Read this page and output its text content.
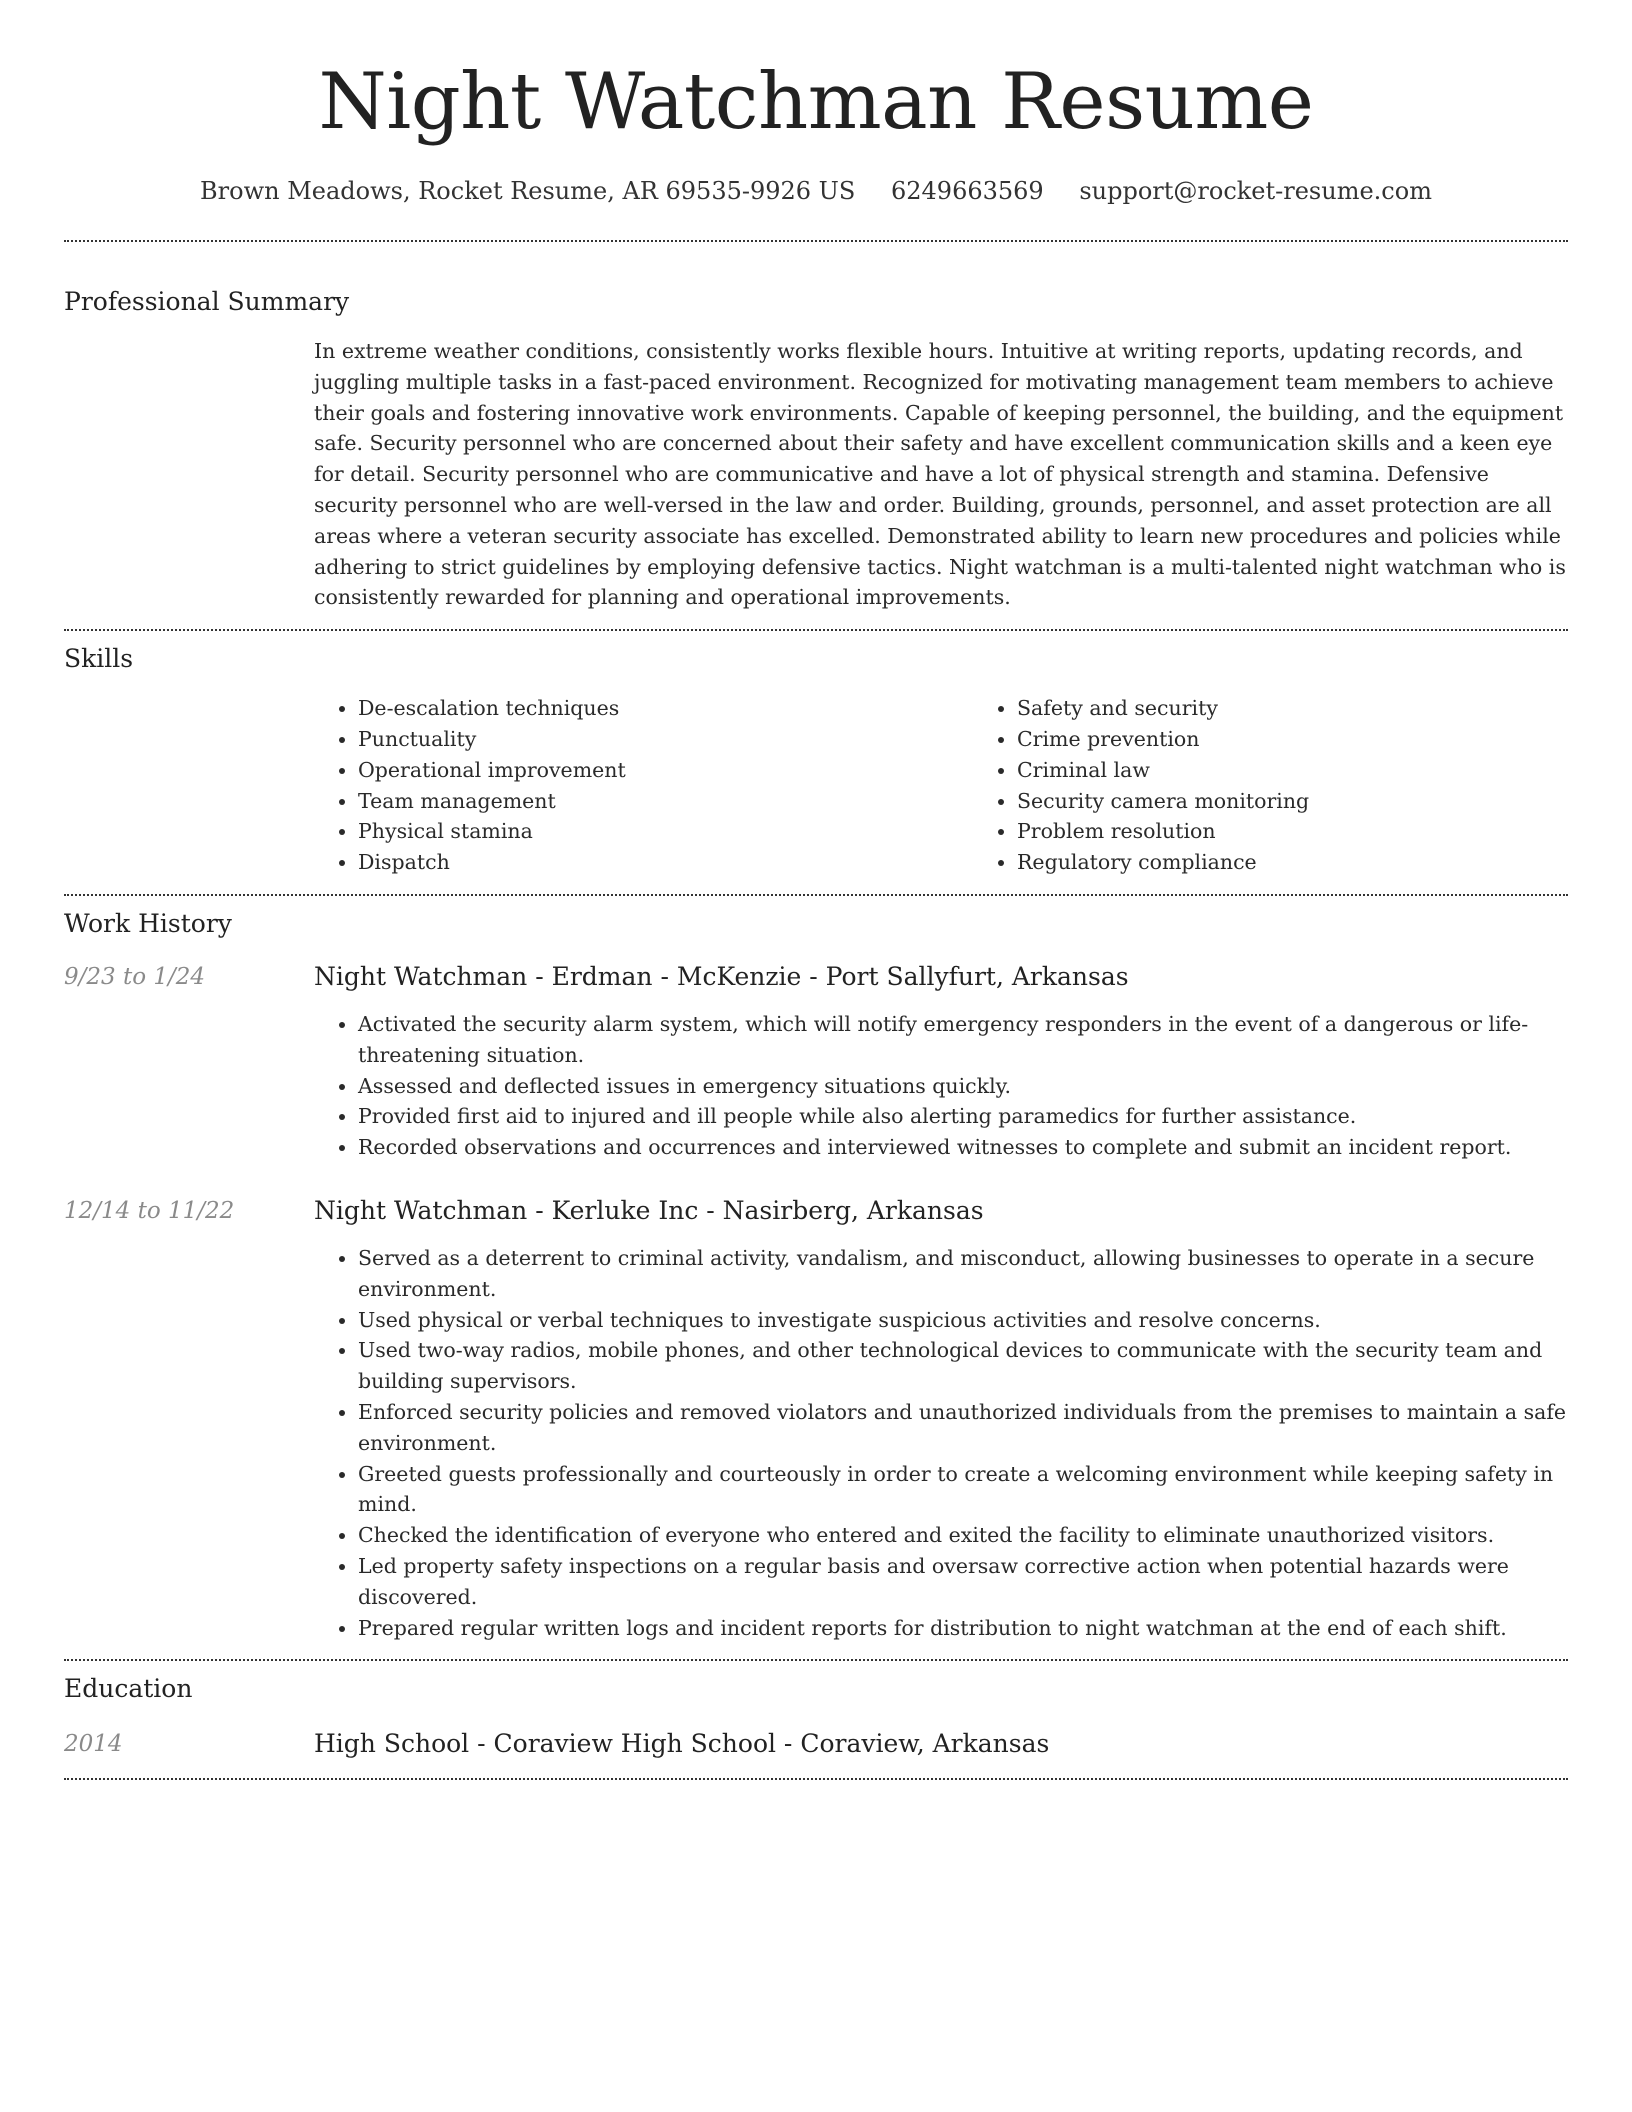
Night Watchman Resume
Brown Meadows, Rocket Resume, AR 69535-9926 US 6249663569 support@rocket-resume.com
Professional Summary
In extreme weather conditions, consistently works flexible hours. Intuitive at writing reports, updating records, and juggling multiple tasks in a fast-paced environment. Recognized for motivating management team members to achieve their goals and fostering innovative work environments. Capable of keeping personnel, the building, and the equipment safe. Security personnel who are concerned about their safety and have excellent communication skills and a keen eye for detail. Security personnel who are communicative and have a lot of physical strength and stamina. Defensive security personnel who are well-versed in the law and order. Building, grounds, personnel, and asset protection are all areas where a veteran security associate has excelled. Demonstrated ability to learn new procedures and policies while adhering to strict guidelines by employing defensive tactics. Night watchman is a multi-talented night watchman who is consistently rewarded for planning and operational improvements.
Skills
• De-escalation techniques
• Punctuality
• Operational improvement
• Team management
• Physical stamina
• Dispatch
• Safety and security
• Crime prevention
• Criminal law
• Security camera monitoring
• Problem resolution
• Regulatory compliance
Work History
9/23 to 1/24	Night Watchman - Erdman - McKenzie - Port Sallyfurt, Arkansas
• Activated the security alarm system, which will notify emergency responders in the event of a dangerous or life-threatening situation.
• Assessed and deflected issues in emergency situations quickly.
• Provided first aid to injured and ill people while also alerting paramedics for further assistance.
• Recorded observations and occurrences and interviewed witnesses to complete and submit an incident report.
12/14 to 11/22	Night Watchman - Kerluke Inc - Nasirberg, Arkansas
• Served as a deterrent to criminal activity, vandalism, and misconduct, allowing businesses to operate in a secure environment.
• Used physical or verbal techniques to investigate suspicious activities and resolve concerns.
• Used two-way radios, mobile phones, and other technological devices to communicate with the security team and building supervisors.
• Enforced security policies and removed violators and unauthorized individuals from the premises to maintain a safe environment.
• Greeted guests professionally and courteously in order to create a welcoming environment while keeping safety in mind.
• Checked the identification of everyone who entered and exited the facility to eliminate unauthorized visitors.
• Led property safety inspections on a regular basis and oversaw corrective action when potential hazards were discovered.
• Prepared regular written logs and incident reports for distribution to night watchman at the end of each shift.
Education
2014	High School - Coraview High School - Coraview, Arkansas
